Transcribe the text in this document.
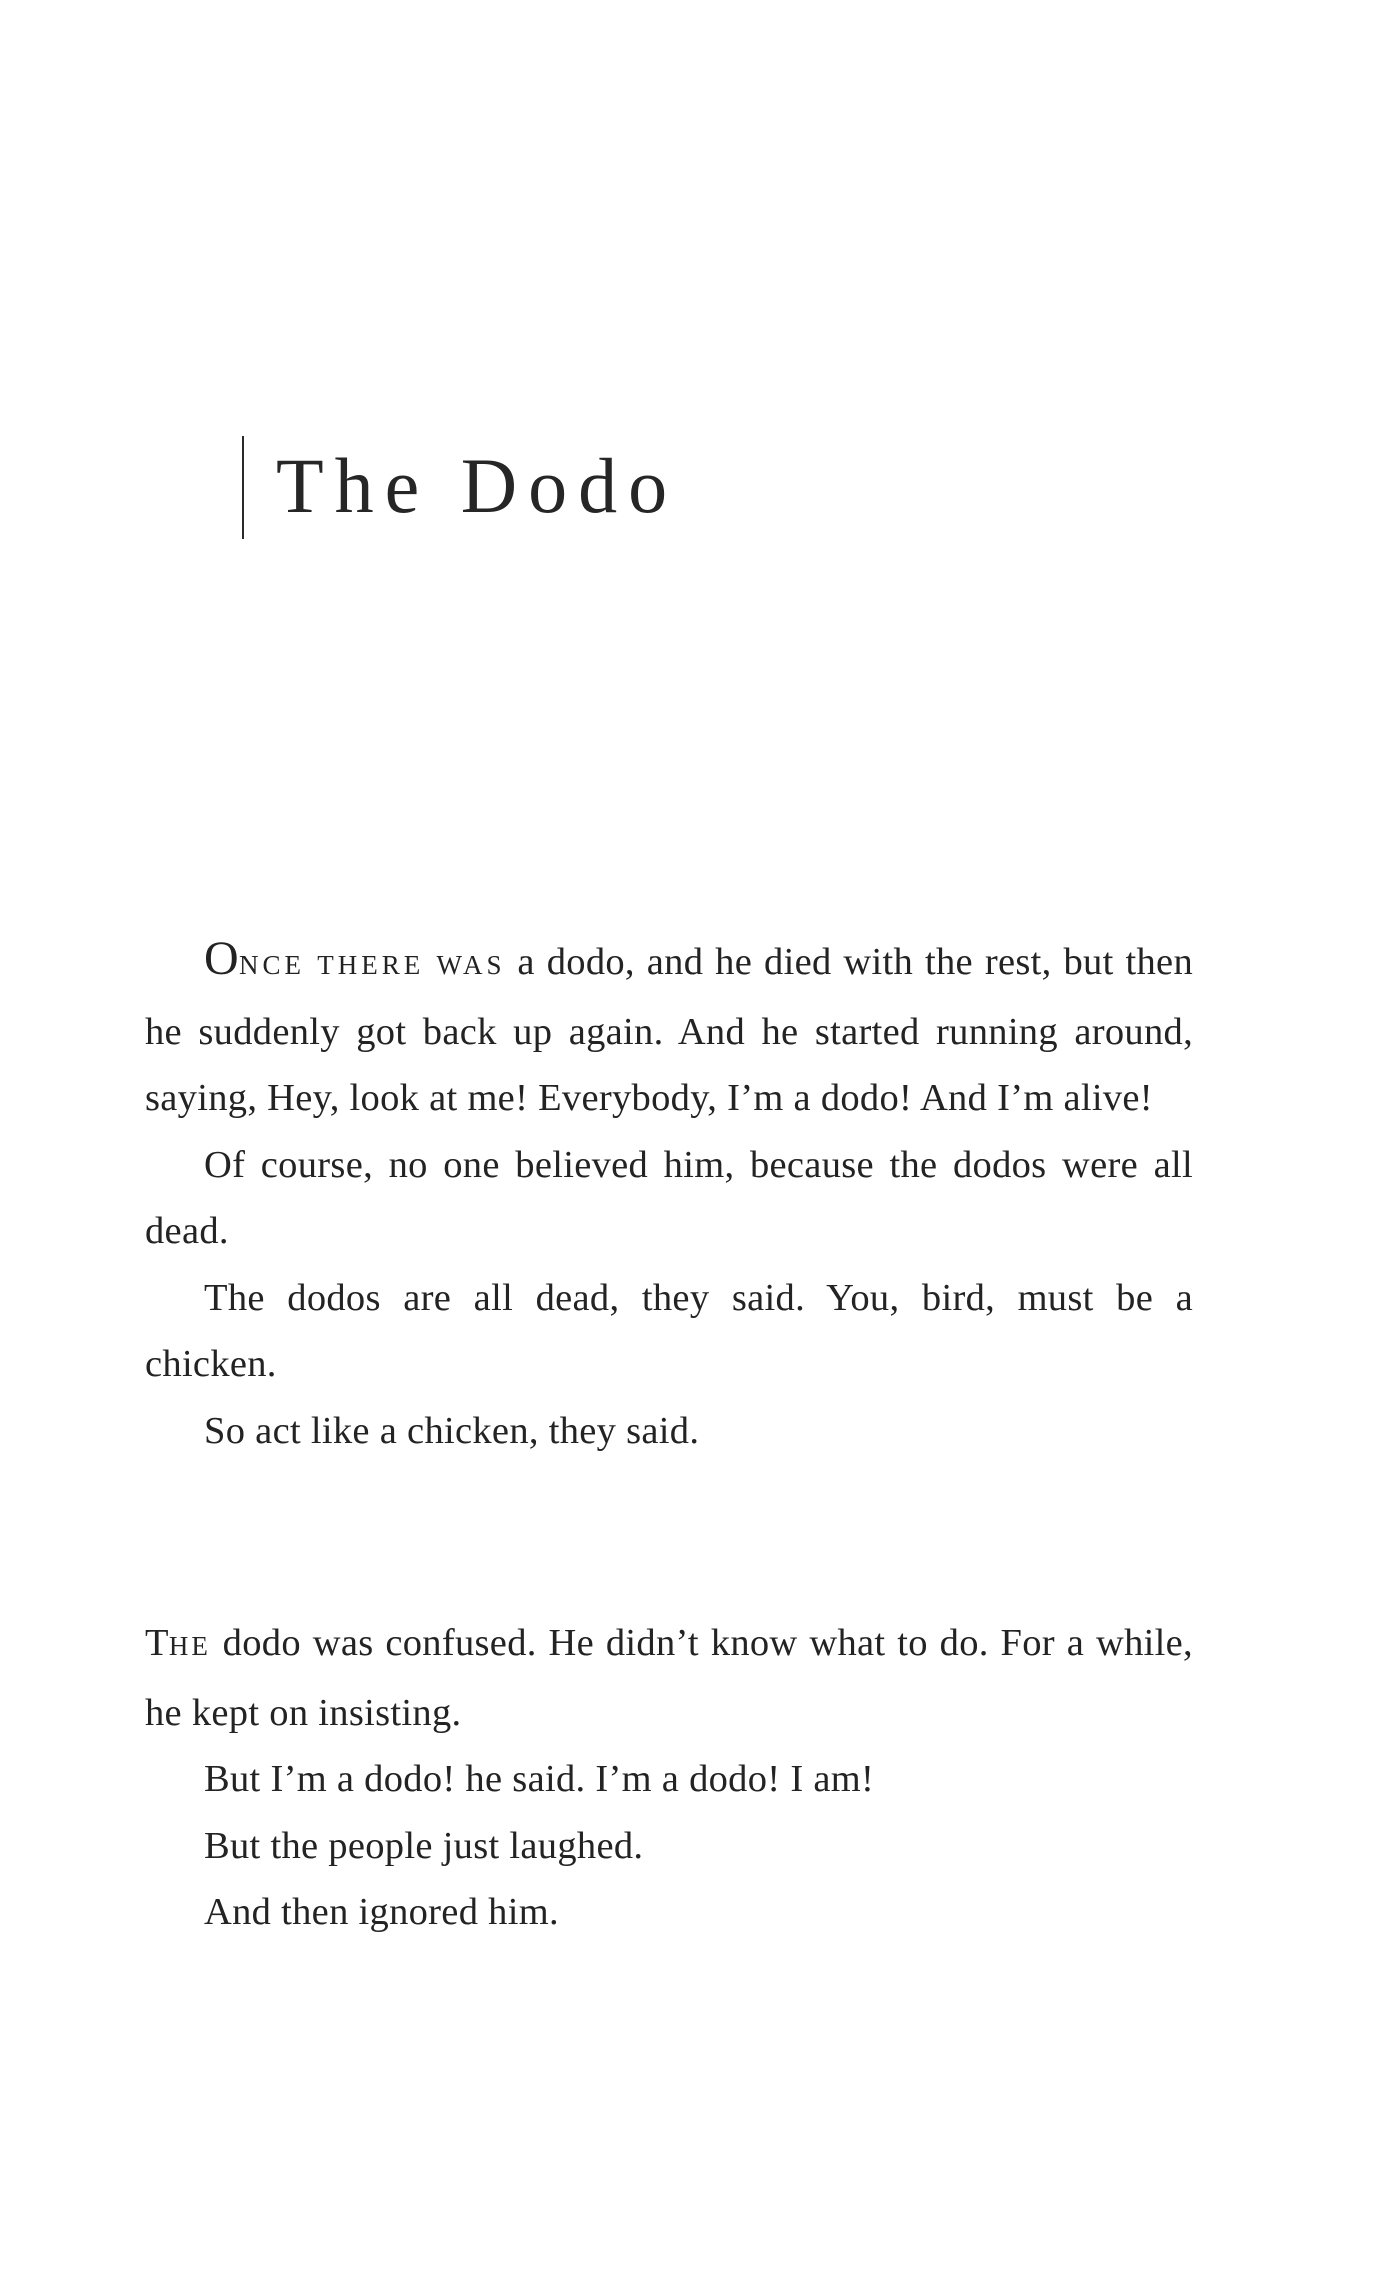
The Dodo

ONCE THERE WAS a dodo, and he died with the rest, but then he suddenly got back up again. And he started running around, saying, Hey, look at me! Everybody, I’m a dodo! And I’m alive!

Of course, no one believed him, because the dodos were all dead.

The dodos are all dead, they said. You, bird, must be a chicken.

So act like a chicken, they said.

THE dodo was confused. He didn’t know what to do. For a while, he kept on insisting.

But I’m a dodo! he said. I’m a dodo! I am!

But the people just laughed.

And then ignored him.
